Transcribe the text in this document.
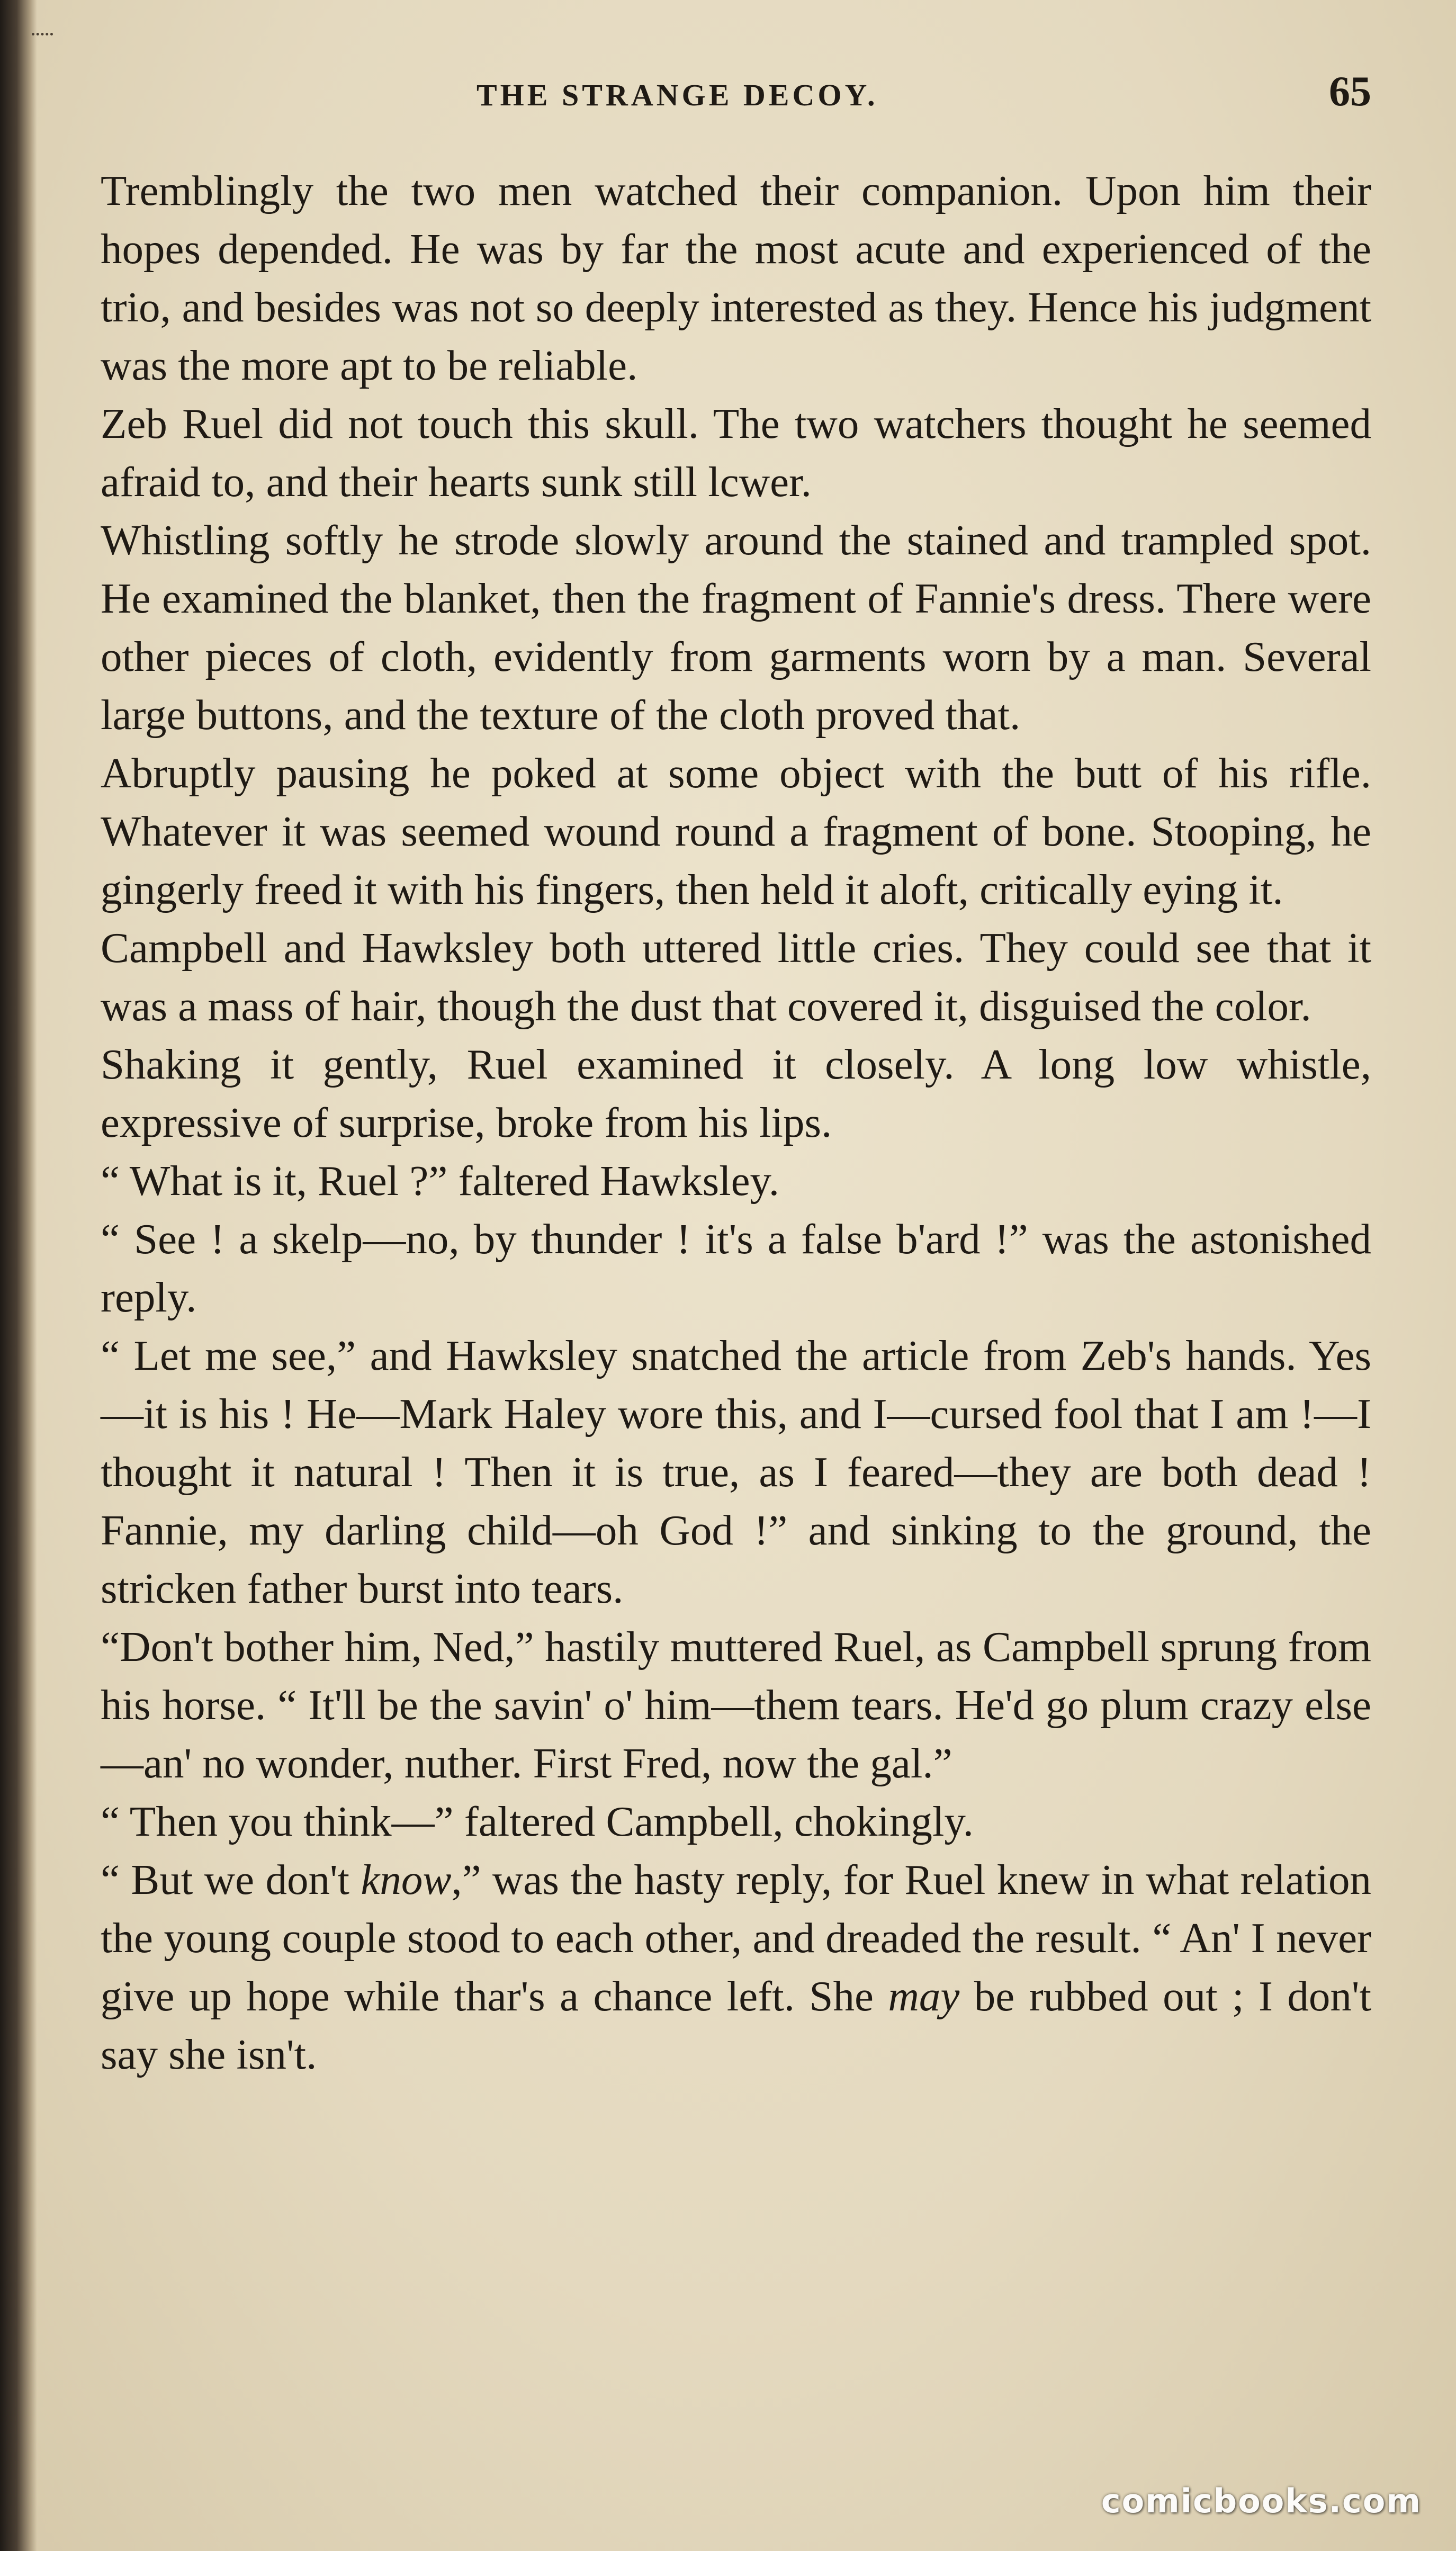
THE STRANGE DECOY.	65

Tremblingly the two men watched their companion. Upon him their hopes depended. He was by far the most acute and experienced of the trio, and besides was not so deeply interested as they. Hence his judgment was the more apt to be reliable.

Zeb Ruel did not touch this skull. The two watchers thought he seemed afraid to, and their hearts sunk still lcwer.

Whistling softly he strode slowly around the stained and trampled spot. He examined the blanket, then the fragment of Fannie's dress. There were other pieces of cloth, evidently from garments worn by a man. Several large buttons, and the texture of the cloth proved that.

Abruptly pausing he poked at some object with the butt of his rifle. Whatever it was seemed wound round a fragment of bone. Stooping, he gingerly freed it with his fingers, then held it aloft, critically eying it.

Campbell and Hawksley both uttered little cries. They could see that it was a mass of hair, though the dust that covered it, disguised the color.

Shaking it gently, Ruel examined it closely. A long low whistle, expressive of surprise, broke from his lips.

“ What is it, Ruel ?” faltered Hawksley.

“ See ! a skelp—no, by thunder ! it's a false b'ard !” was the astonished reply.

“ Let me see,” and Hawksley snatched the article from Zeb's hands. Yes—it is his ! He—Mark Haley wore this, and I—cursed fool that I am !—I thought it natural ! Then it is true, as I feared—they are both dead ! Fannie, my darling child—oh God !” and sinking to the ground, the stricken father burst into tears.

“Don't bother him, Ned,” hastily muttered Ruel, as Campbell sprung from his horse. “ It'll be the savin' o' him—them tears. He'd go plum crazy else—an' no wonder, nuther. First Fred, now the gal.”

“ Then you think—” faltered Campbell, chokingly.

“ But we don't know,” was the hasty reply, for Ruel knew in what relation the young couple stood to each other, and dreaded the result. “ An' I never give up hope while thar's a chance left. She may be rubbed out ; I don't say she isn't.

comicbooks.com
